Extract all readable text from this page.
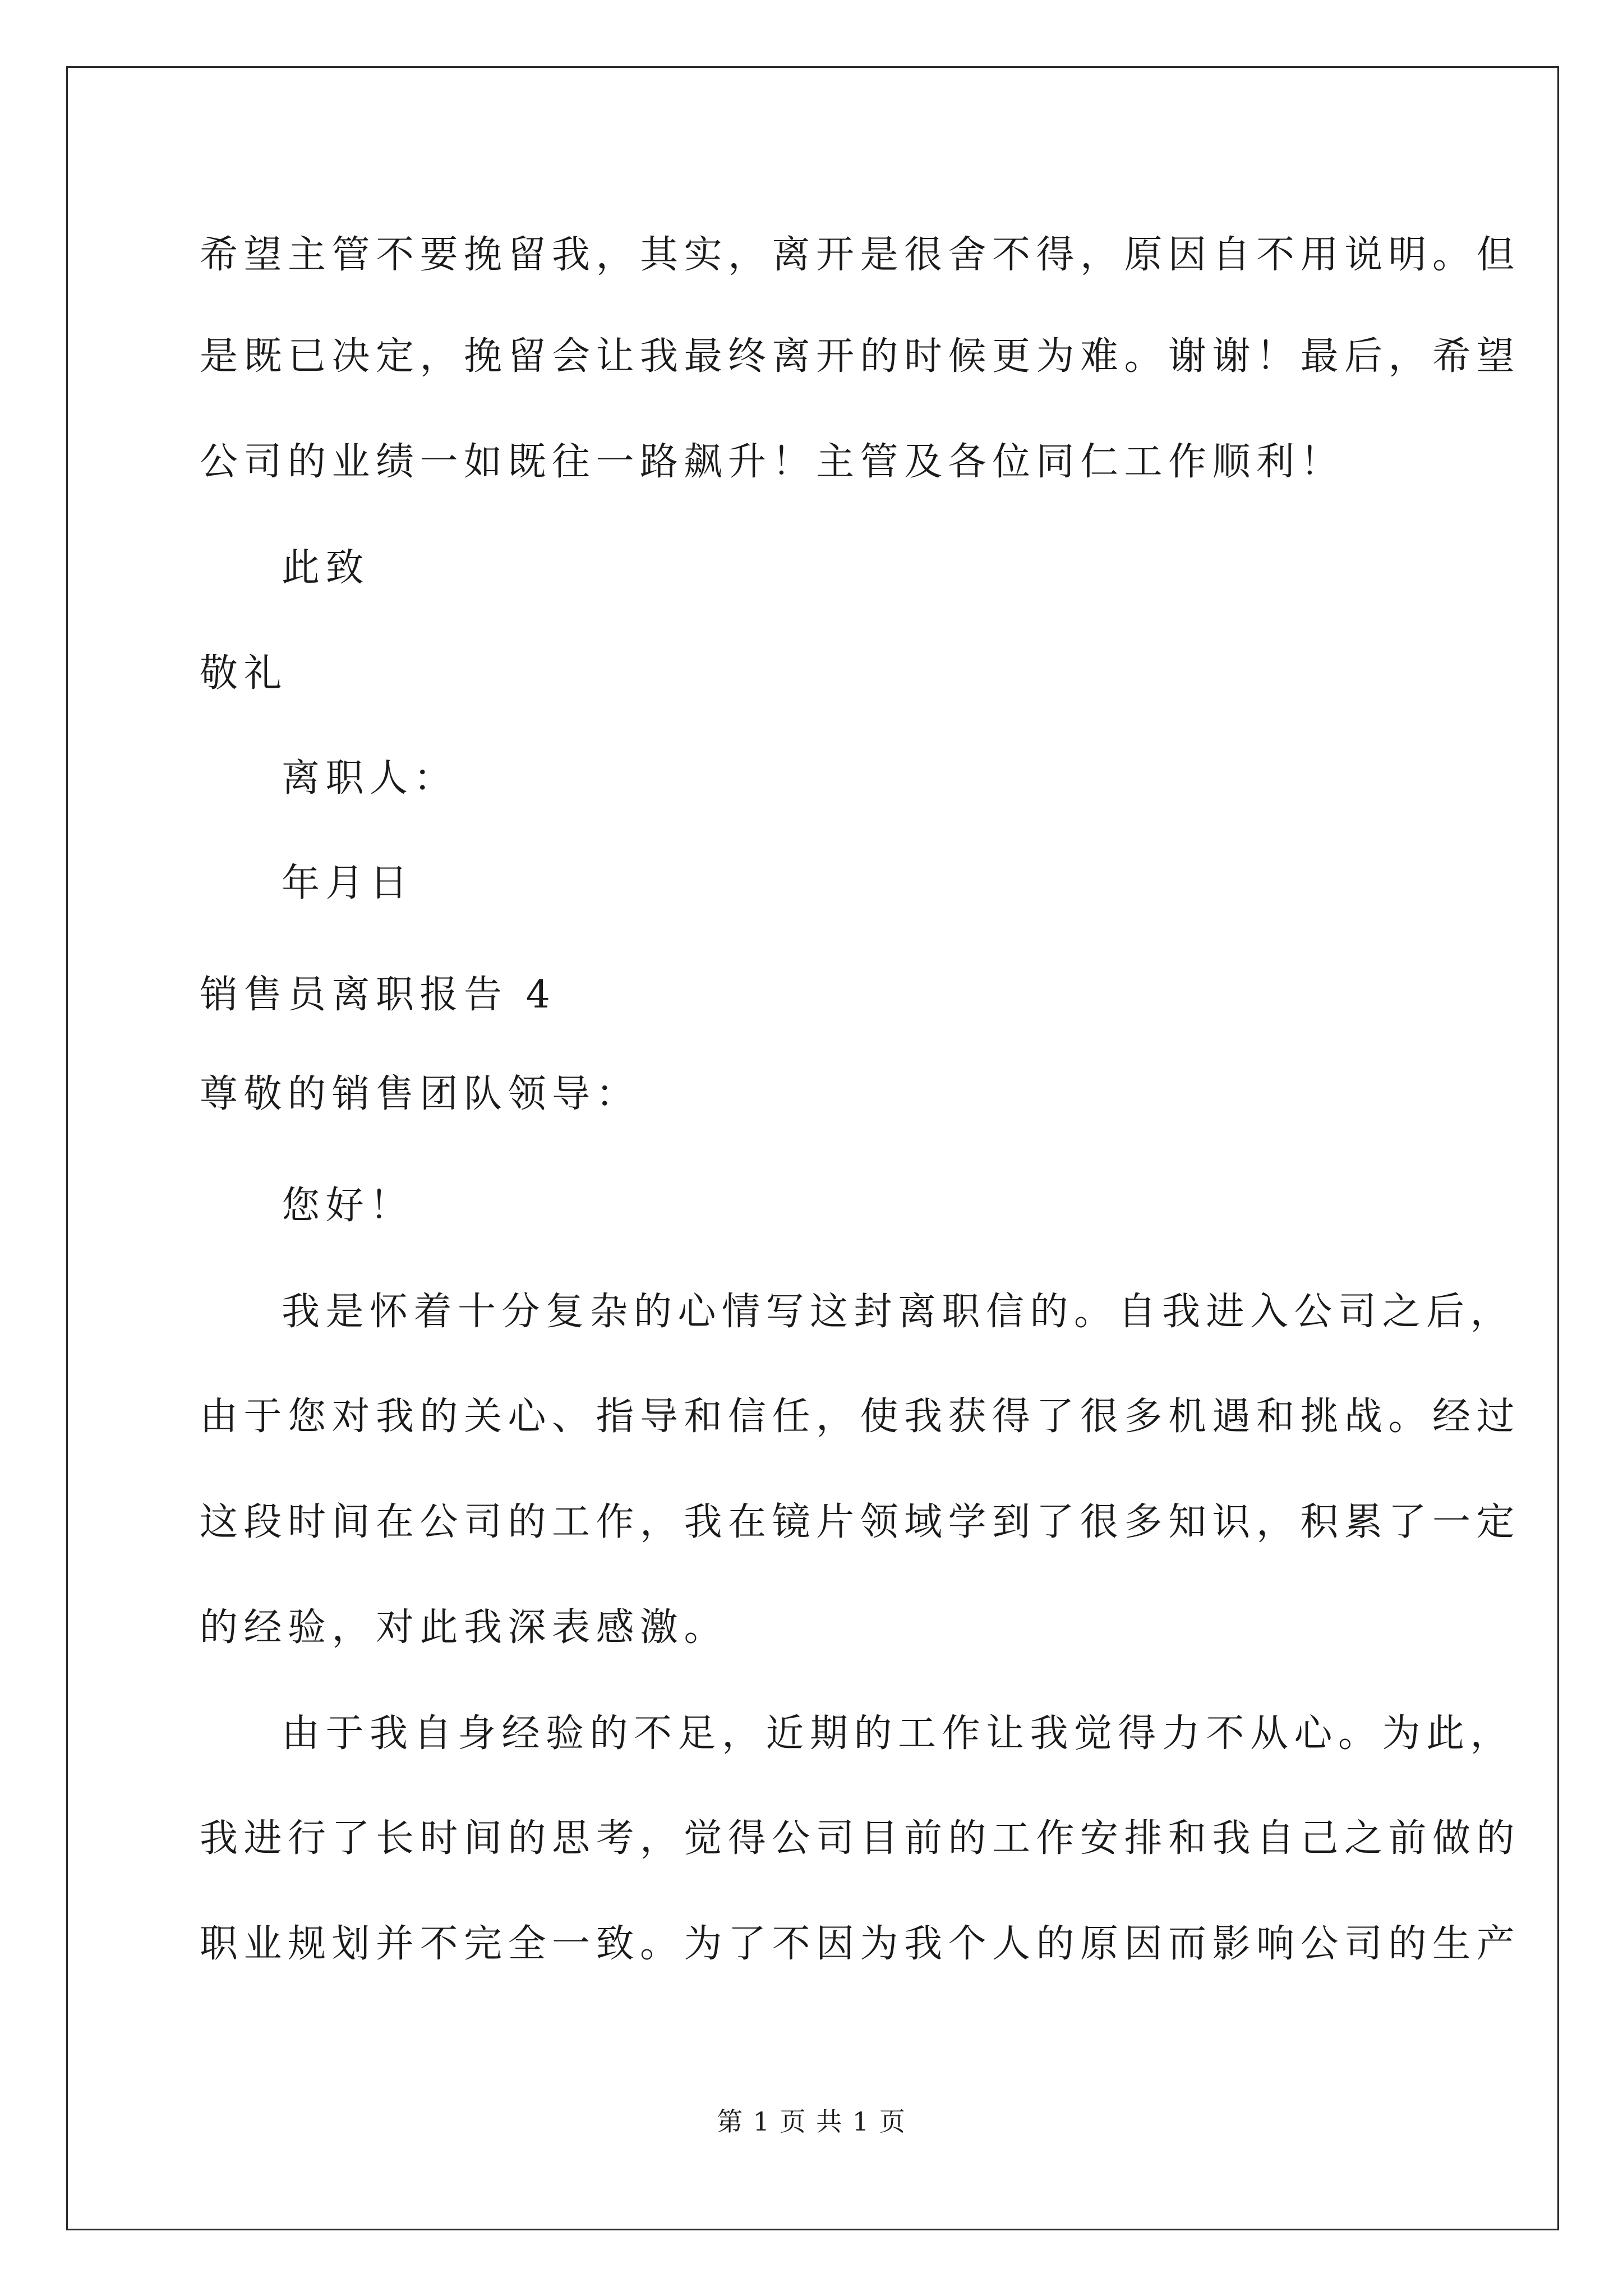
希望主管不要挽留我，其实，离开是很舍不得，原因自不用说明。但
是既已决定，挽留会让我最终离开的时候更为难。谢谢！最后，希望
公司的业绩一如既往一路飙升！主管及各位同仁工作顺利！
此致
敬礼
离职人：
年月日
销售员离职报告 4
尊敬的销售团队领导：
您好！
我是怀着十分复杂的心情写这封离职信的。自我进入公司之后，
由于您对我的关心、指导和信任，使我获得了很多机遇和挑战。经过
这段时间在公司的工作，我在镜片领域学到了很多知识，积累了一定
的经验，对此我深表感激。
由于我自身经验的不足，近期的工作让我觉得力不从心。为此，
我进行了长时间的思考，觉得公司目前的工作安排和我自己之前做的
职业规划并不完全一致。为了不因为我个人的原因而影响公司的生产
第 1 页 共 1 页
